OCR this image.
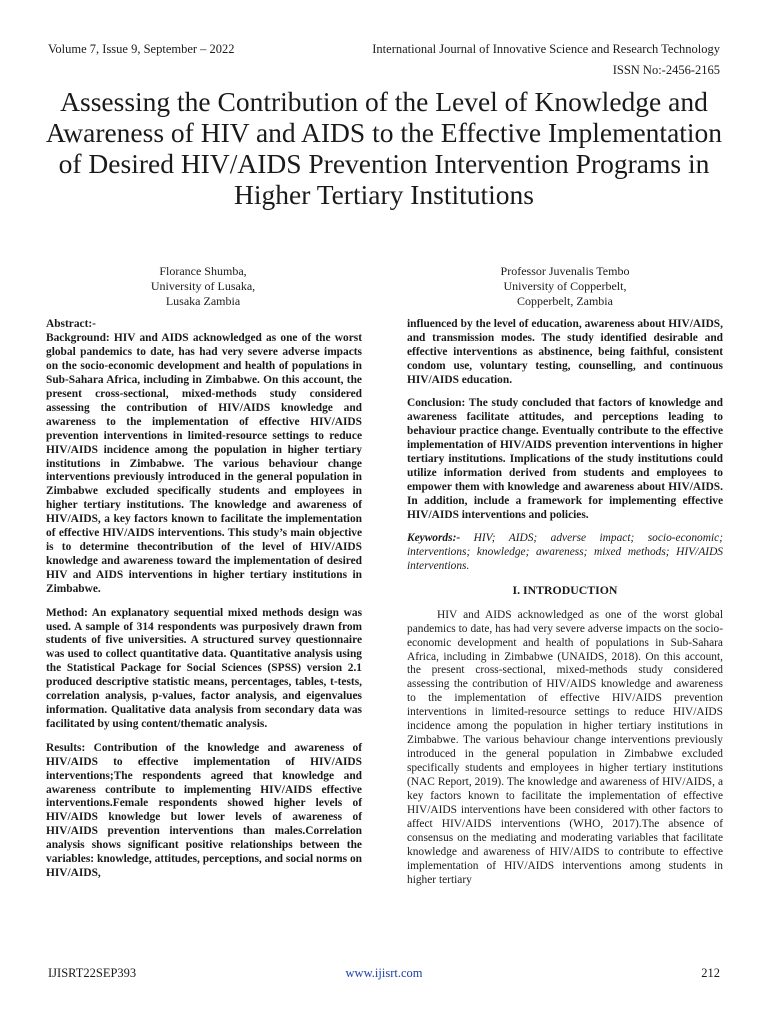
Volume 7, Issue 9, September – 2022	International Journal of Innovative Science and Research Technology
ISSN No:-2456-2165
Assessing the Contribution of the Level of Knowledge and Awareness of HIV and AIDS to the Effective Implementation of Desired HIV/AIDS Prevention Intervention Programs in Higher Tertiary Institutions
Florance Shumba,
University of Lusaka,
Lusaka Zambia
Professor Juvenalis Tembo
University of Copperbelt,
Copperbelt, Zambia

Abstract:-

Background: HIV and AIDS acknowledged as one of the worst global pandemics to date, has had very severe adverse impacts on the socio-economic development and health of populations in Sub-Sahara Africa, including in Zimbabwe. On this account, the present cross-sectional, mixed-methods study considered assessing the contribution of HIV/AIDS knowledge and awareness to the implementation of effective HIV/AIDS prevention interventions in limited-resource settings to reduce HIV/AIDS incidence among the population in higher tertiary institutions in Zimbabwe. The various behaviour change interventions previously introduced in the general population in Zimbabwe excluded specifically students and employees in higher tertiary institutions. The knowledge and awareness of HIV/AIDS, a key factors known to facilitate the implementation of effective HIV/AIDS interventions. This study’s main objective is to determine thecontribution of the level of HIV/AIDS knowledge and awareness toward the implementation of desired HIV and AIDS interventions in higher tertiary institutions in Zimbabwe.

Method: An explanatory sequential mixed methods design was used. A sample of 314 respondents was purposively drawn from students of five universities. A structured survey questionnaire was used to collect quantitative data. Quantitative analysis using the Statistical Package for Social Sciences (SPSS) version 2.1 produced descriptive statistic means, percentages, tables, t-tests, correlation analysis, p-values, factor analysis, and eigenvalues information. Qualitative data analysis from secondary data was facilitated by using content/thematic analysis.

Results: Contribution of the knowledge and awareness of HIV/AIDS to effective implementation of HIV/AIDS interventions;The respondents agreed that knowledge and awareness contribute to implementing HIV/AIDS effective interventions.Female respondents showed higher levels of HIV/AIDS knowledge but lower levels of awareness of HIV/AIDS prevention interventions than males.Correlation analysis shows significant positive relationships between the variables: knowledge, attitudes, perceptions, and social norms on HIV/AIDS,

influenced by the level of education, awareness about HIV/AIDS, and transmission modes. The study identified desirable and effective interventions as abstinence, being faithful, consistent condom use, voluntary testing, counselling, and continuous HIV/AIDS education.

Conclusion: The study concluded that factors of knowledge and awareness facilitate attitudes, and perceptions leading to behaviour practice change. Eventually contribute to the effective implementation of HIV/AIDS prevention interventions in higher tertiary institutions. Implications of the study institutions could utilize information derived from students and employees to empower them with knowledge and awareness about HIV/AIDS. In addition, include a framework for implementing effective HIV/AIDS interventions and policies.

Keywords:- HIV; AIDS; adverse impact; socio-economic; interventions; knowledge; awareness; mixed methods; HIV/AIDS interventions.

I. INTRODUCTION

HIV and AIDS acknowledged as one of the worst global pandemics to date, has had very severe adverse impacts on the socio-economic development and health of populations in Sub-Sahara Africa, including in Zimbabwe (UNAIDS, 2018). On this account, the present cross-sectional, mixed-methods study considered assessing the contribution of HIV/AIDS knowledge and awareness to the implementation of effective HIV/AIDS prevention interventions in limited-resource settings to reduce HIV/AIDS incidence among the population in higher tertiary institutions in Zimbabwe. The various behaviour change interventions previously introduced in the general population in Zimbabwe excluded specifically students and employees in higher tertiary institutions (NAC Report, 2019). The knowledge and awareness of HIV/AIDS, a key factors known to facilitate the implementation of effective HIV/AIDS interventions have been considered with other factors to affect HIV/AIDS interventions (WHO, 2017).The absence of consensus on the mediating and moderating variables that facilitate knowledge and awareness of HIV/AIDS to contribute to effective implementation of HIV/AIDS interventions among students in higher tertiary

IJISRT22SEP393	www.ijisrt.com	212
